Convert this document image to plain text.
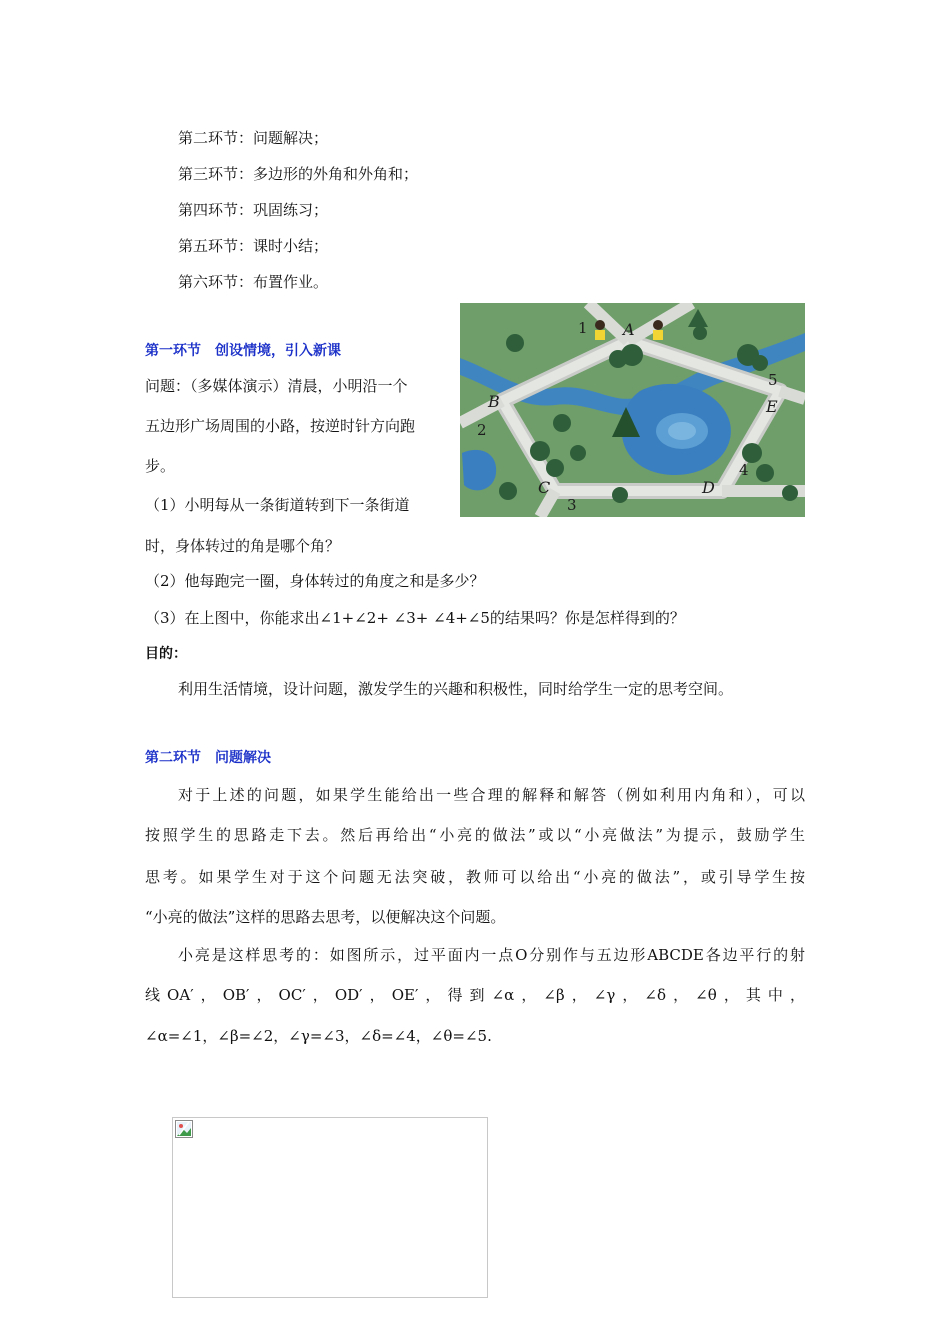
第二环节：问题解决；
第三环节：多边形的外角和外角和；
第四环节：巩固练习；
第五环节：课时小结；
第六环节：布置作业。
1 A
5
E
B
2
4
C	D
3
第一环节　创设情境，引入新课
问题：（多媒体演示）清晨，小明沿一个
五边形广场周围的小路，按逆时针方向跑
步。
（1）小明每从一条街道转到下一条街道
时，身体转过的角是哪个角？
（2）他每跑完一圈，身体转过的角度之和是多少？
（3）在上图中，你能求出∠1+∠2+ ∠3+ ∠4+∠5的结果吗？你是怎样得到的？
目的：
利用生活情境，设计问题，激发学生的兴趣和积极性，同时给学生一定的思考空间。
第二环节　问题解决
对于上述的问题，如果学生能给出一些合理的解释和解答（例如利用内角和），可以
按照学生的思路走下去。然后再给出“小亮的做法”或以“小亮做法”为提示，鼓励学生
思考。如果学生对于这个问题无法突破，教师可以给出“小亮的做法”，或引导学生按
“小亮的做法”这样的思路去思考，以便解决这个问题。
小亮是这样思考的：如图所示，过平面内一点O分别作与五边形ABCDE各边平行的射
线OA′，OB′，OC′，OD′，OE′，得到∠α，∠β，∠γ，∠δ，∠θ，其中，
∠α=∠1，∠β=∠2，∠γ=∠3，∠δ=∠4，∠θ=∠5.
